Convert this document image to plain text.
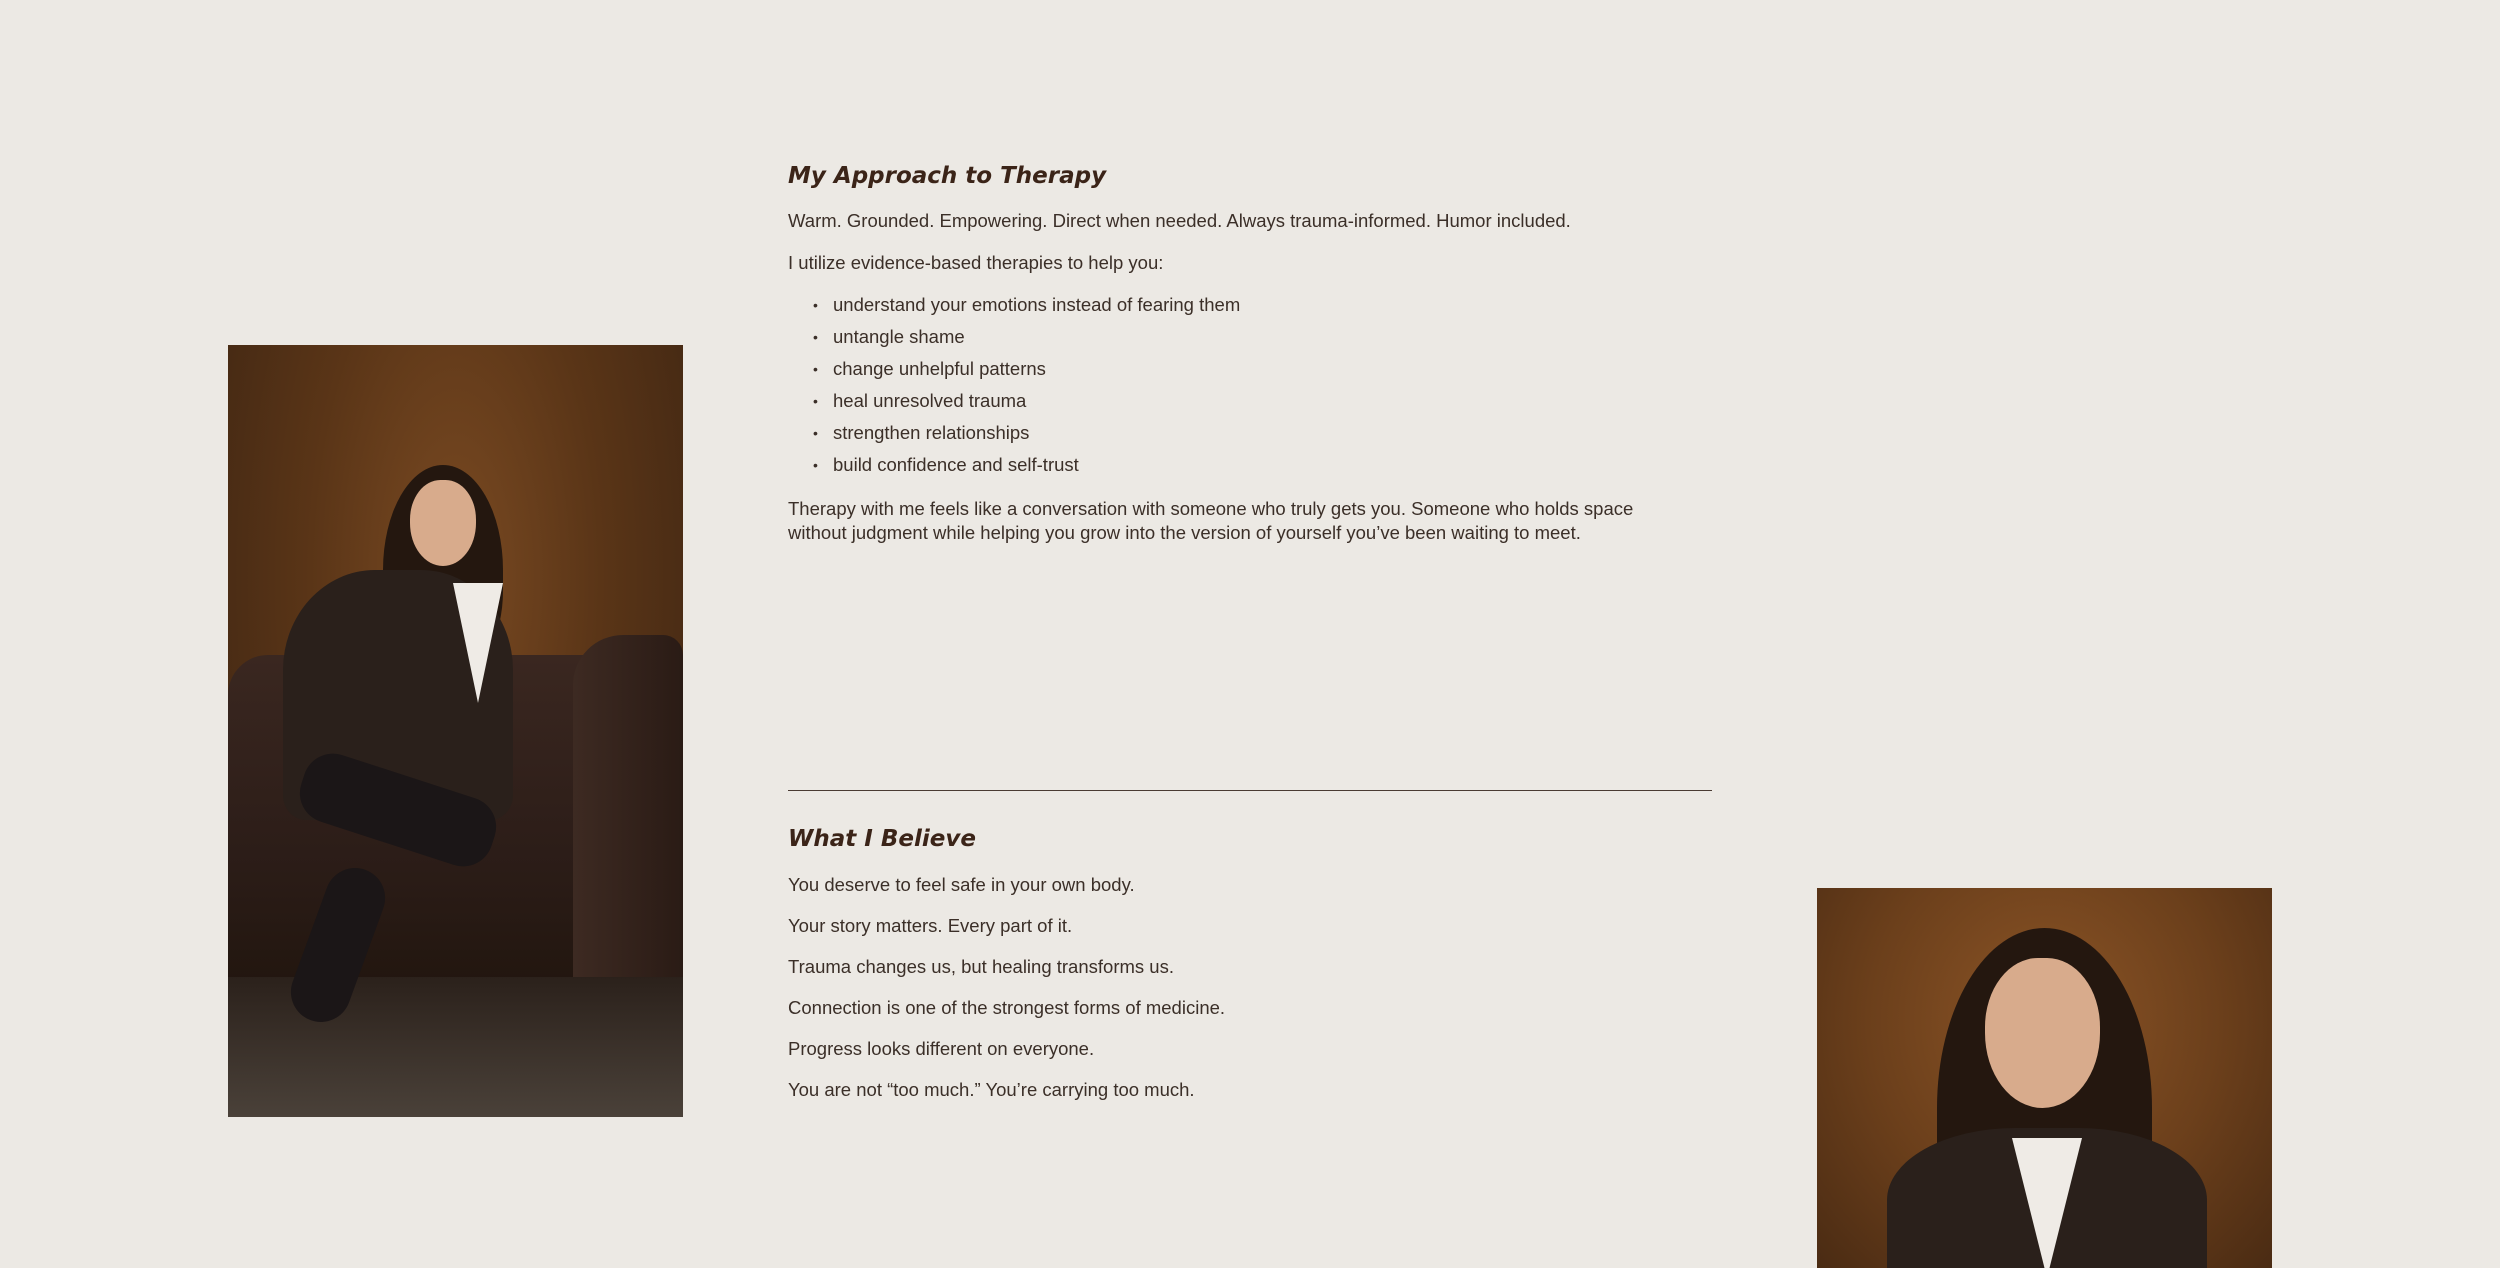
My Approach to Therapy

Warm. Grounded. Empowering. Direct when needed. Always trauma-informed. Humor included.

I utilize evidence-based therapies to help you:

• understand your emotions instead of fearing them
• untangle shame
• change unhelpful patterns
• heal unresolved trauma
• strengthen relationships
• build confidence and self-trust

Therapy with me feels like a conversation with someone who truly gets you. Someone who holds space

without judgment while helping you grow into the version of yourself you’ve been waiting to meet.

What I Believe

You deserve to feel safe in your own body.

Your story matters. Every part of it.

Trauma changes us, but healing transforms us.

Connection is one of the strongest forms of medicine.

Progress looks different on everyone.

You are not “too much.” You’re carrying too much.
